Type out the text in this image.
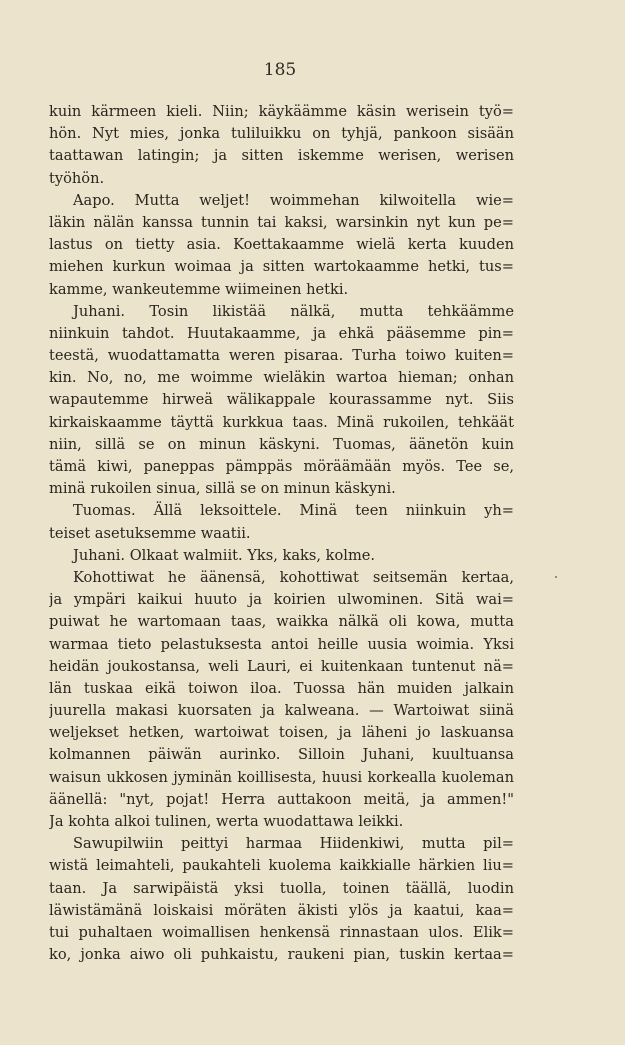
185
kuin kärmeen kieli. Niin; käykäämme käsin werisein työ=
hön. Nyt mies, jonka tuliluikku on tyhjä, pankoon sisään
taattawan latingin; ja sitten iskemme werisen, werisen
työhön.
Aapo. Mutta weljet! woimmehan kilwoitella wie=
läkin nälän kanssa tunnin tai kaksi, warsinkin nyt kun pe=
lastus on tietty asia. Koettakaamme wielä kerta kuuden
miehen kurkun woimaa ja sitten wartokaamme hetki, tus=
kamme, wankeutemme wiimeinen hetki.
Juhani. Tosin likistää nälkä, mutta tehkäämme
niinkuin tahdot. Huutakaamme, ja ehkä pääsemme pin=
teestä, wuodattamatta weren pisaraa. Turha toiwo kuiten=
kin. No, no, me woimme wieläkin wartoa hieman; onhan
wapautemme hirweä wälikappale kourassamme nyt. Siis
kirkaiskaamme täyttä kurkkua taas. Minä rukoilen, tehkäät
niin, sillä se on minun käskyni. Tuomas, äänetön kuin
tämä kiwi, paneppas pämppäs möräämään myös. Tee se,
minä rukoilen sinua, sillä se on minun käskyni.
Tuomas. Ällä leksoittele. Minä teen niinkuin yh=
teiset asetuksemme waatii.
Juhani. Olkaat walmiit. Yks, kaks, kolme.
Kohottiwat he äänensä, kohottiwat seitsemän kertaa,
ja ympäri kaikui huuto ja koirien ulwominen. Sitä wai=
puiwat he wartomaan taas, waikka nälkä oli kowa, mutta
warmaa tieto pelastuksesta antoi heille uusia woimia. Yksi
heidän joukostansa, weli Lauri, ei kuitenkaan tuntenut nä=
län tuskaa eikä toiwon iloa. Tuossa hän muiden jalkain
juurella makasi kuorsaten ja kalweana. — Wartoiwat siinä
weljekset hetken, wartoiwat toisen, ja läheni jo laskuansa
kolmannen päiwän aurinko. Silloin Juhani, kuultuansa
waisun ukkosen jyminän koillisesta, huusi korkealla kuoleman
äänellä: "nyt, pojat! Herra auttakoon meitä, ja ammen!"
Ja kohta alkoi tulinen, werta wuodattawa leikki.
Sawupilwiin peittyi harmaa Hiidenkiwi, mutta pil=
wistä leimahteli, paukahteli kuolema kaikkialle härkien liu=
taan. Ja sarwipäistä yksi tuolla, toinen täällä, luodin
läwistämänä loiskaisi möräten äkisti ylös ja kaatui, kaa=
tui puhaltaen woimallisen henkensä rinnastaan ulos. Elik=
ko, jonka aiwo oli puhkaistu, raukeni pian, tuskin kertaa=
